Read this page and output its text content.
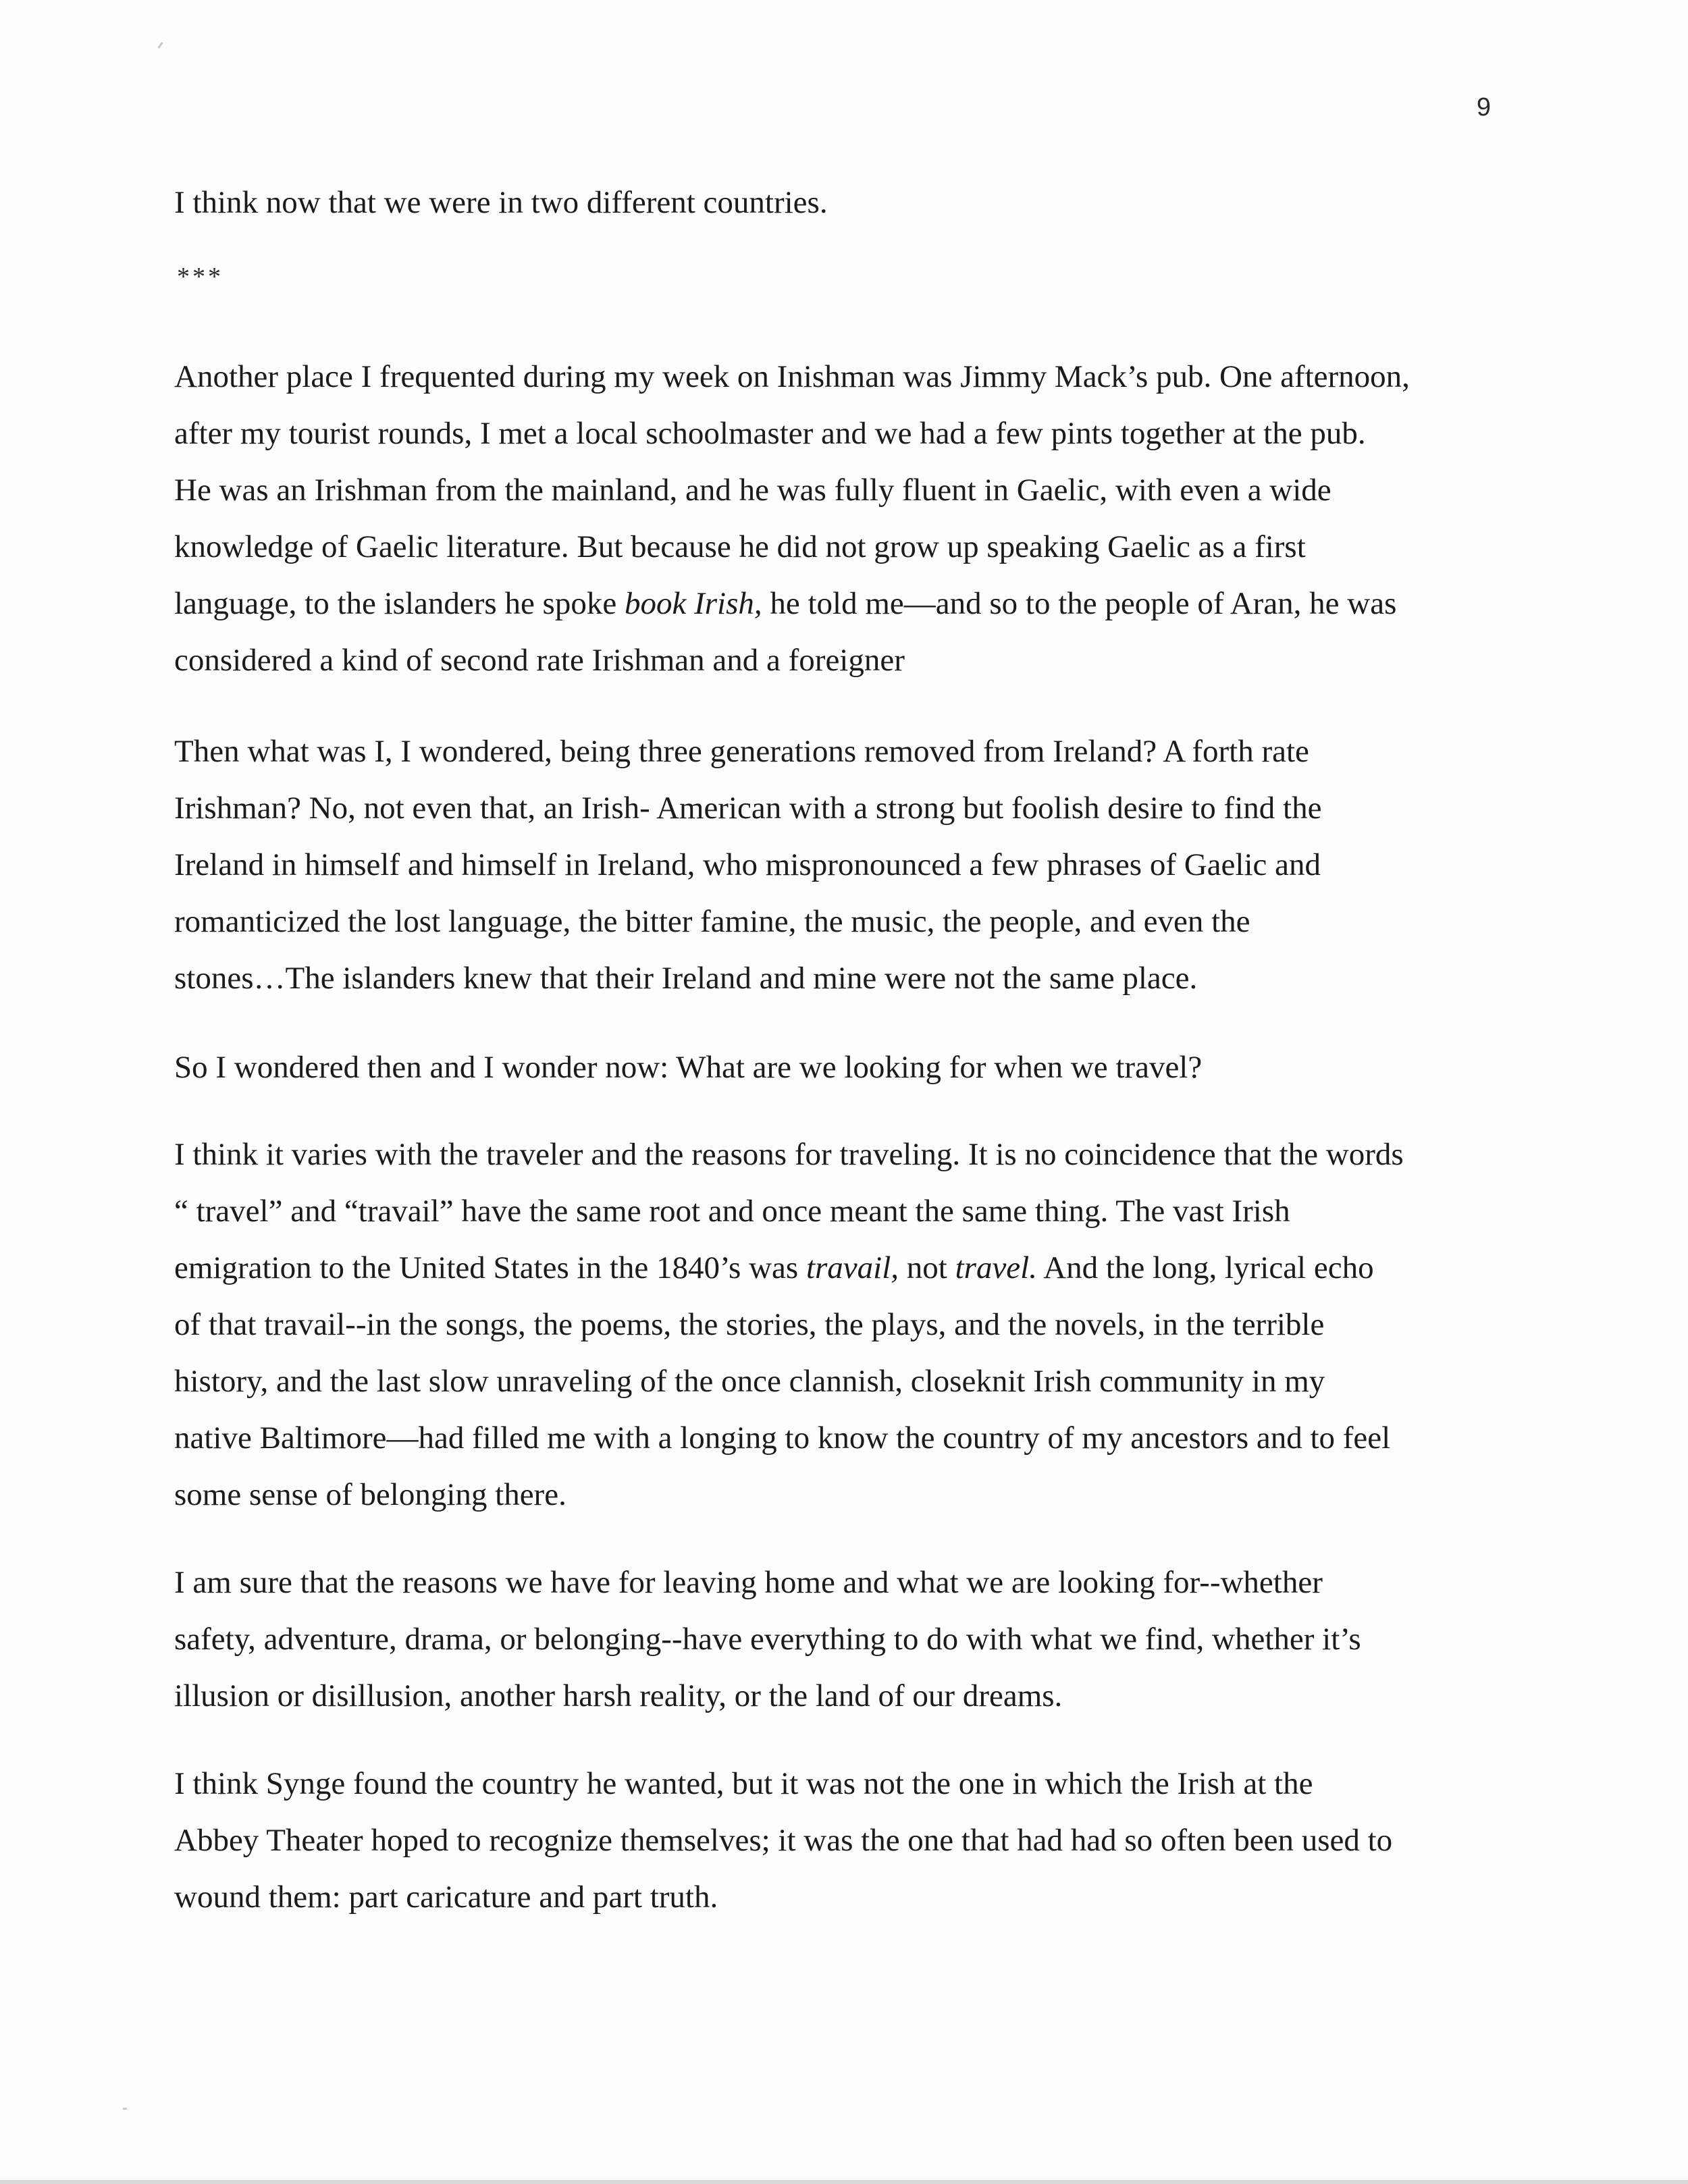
9

I think now that we were in two different countries.

***

Another place I frequented during my week on Inishman was Jimmy Mack’s pub. One afternoon,
after my tourist rounds, I met a local schoolmaster and we had a few pints together at the pub.
He was an Irishman from the mainland, and he was fully fluent in Gaelic, with even a wide
knowledge of Gaelic literature. But because he did not grow up speaking Gaelic as a first
language, to the islanders he spoke book Irish, he told me—and so to the people of Aran, he was
considered a kind of second rate Irishman and a foreigner

Then what was I, I wondered, being three generations removed from Ireland? A forth rate
Irishman? No, not even that, an Irish- American with a strong but foolish desire to find the
Ireland in himself and himself in Ireland, who mispronounced a few phrases of Gaelic and
romanticized the lost language, the bitter famine, the music, the people, and even the
stones…The islanders knew that their Ireland and mine were not the same place.

So I wondered then and I wonder now: What are we looking for when we travel?

I think it varies with the traveler and the reasons for traveling. It is no coincidence that the words
“ travel” and “travail” have the same root and once meant the same thing. The vast Irish
emigration to the United States in the 1840’s was travail, not travel. And the long, lyrical echo
of that travail--in the songs, the poems, the stories, the plays, and the novels, in the terrible
history, and the last slow unraveling of the once clannish, closeknit Irish community in my
native Baltimore—had filled me with a longing to know the country of my ancestors and to feel
some sense of belonging there.

I am sure that the reasons we have for leaving home and what we are looking for--whether
safety, adventure, drama, or belonging--have everything to do with what we find, whether it’s
illusion or disillusion, another harsh reality, or the land of our dreams.

I think Synge found the country he wanted, but it was not the one in which the Irish at the
Abbey Theater hoped to recognize themselves; it was the one that had had so often been used to
wound them: part caricature and part truth.
